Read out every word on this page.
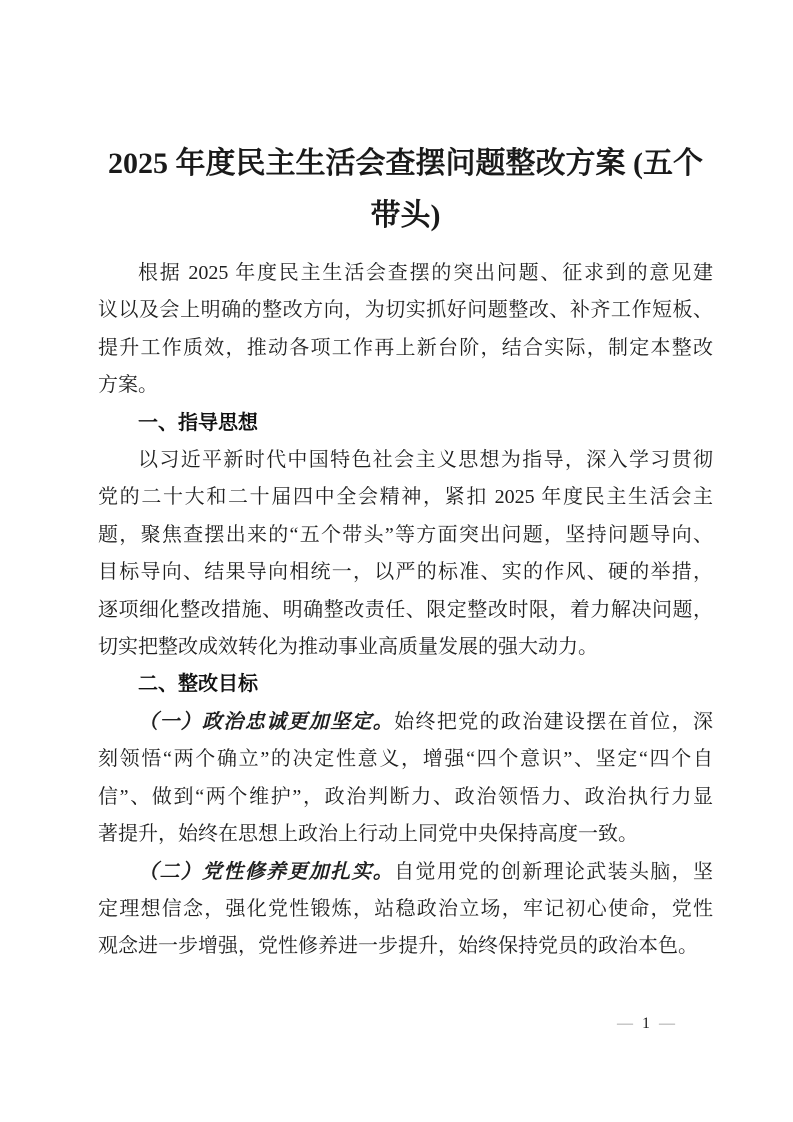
2025 年度民主生活会查摆问题整改方案 (五个
带头)
根据 2025 年度民主生活会查摆的突出问题、征求到的意见建
议以及会上明确的整改方向，为切实抓好问题整改、补齐工作短板、
提升工作质效，推动各项工作再上新台阶，结合实际，制定本整改
方案。
一、指导思想
以习近平新时代中国特色社会主义思想为指导，深入学习贯彻
党的二十大和二十届四中全会精神，紧扣 2025 年度民主生活会主
题，聚焦查摆出来的“五个带头”等方面突出问题，坚持问题导向、
目标导向、结果导向相统一，以严的标准、实的作风、硬的举措，
逐项细化整改措施、明确整改责任、限定整改时限，着力解决问题，
切实把整改成效转化为推动事业高质量发展的强大动力。
二、整改目标
（一）政治忠诚更加坚定。始终把党的政治建设摆在首位，深
刻领悟“两个确立”的决定性意义，增强“四个意识”、坚定“四个自
信”、做到“两个维护”，政治判断力、政治领悟力、政治执行力显
著提升，始终在思想上政治上行动上同党中央保持高度一致。
（二）党性修养更加扎实。自觉用党的创新理论武装头脑，坚
定理想信念，强化党性锻炼，站稳政治立场，牢记初心使命，党性
观念进一步增强，党性修养进一步提升，始终保持党员的政治本色。
— 1 —
